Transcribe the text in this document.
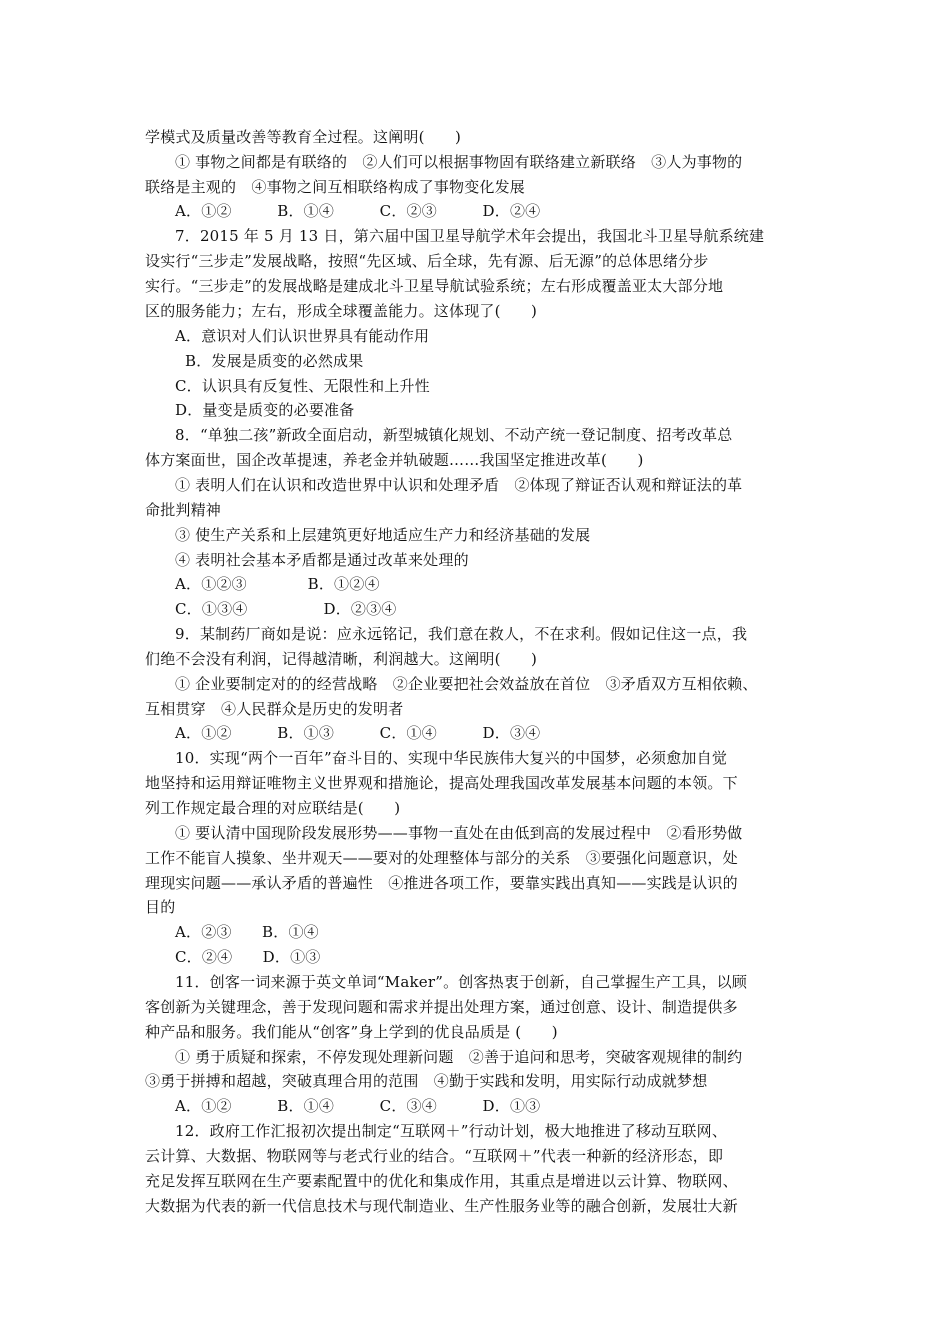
学模式及质量改善等教育全过程。这阐明(　　)
① 事物之间都是有联络的　②人们可以根据事物固有联络建立新联络　③人为事物的
联络是主观的　④事物之间互相联络构成了事物变化发展
A．①②　　　B．①④　　　C．②③　　　D．②④
7．2015 年 5 月 13 日，第六届中国卫星导航学术年会提出，我国北斗卫星导航系统建
设实行“三步走”发展战略，按照“先区域、后全球，先有源、后无源”的总体思绪分步
实行。“三步走”的发展战略是建成北斗卫星导航试验系统；左右形成覆盖亚太大部分地
区的服务能力；左右，形成全球覆盖能力。这体现了(　　)
A．意识对人们认识世界具有能动作用
B．发展是质变的必然成果
C．认识具有反复性、无限性和上升性
D．量变是质变的必要准备
8．“单独二孩”新政全面启动，新型城镇化规划、不动产统一登记制度、招考改革总
体方案面世，国企改革提速，养老金并轨破题……我国坚定推进改革(　　)
① 表明人们在认识和改造世界中认识和处理矛盾　②体现了辩证否认观和辩证法的革
命批判精神
③ 使生产关系和上层建筑更好地适应生产力和经济基础的发展
④ 表明社会基本矛盾都是通过改革来处理的
A．①②③　　　　B．①②④
C．①③④　　　　　D．②③④
9．某制药厂商如是说：应永远铭记，我们意在救人，不在求利。假如记住这一点，我
们绝不会没有利润，记得越清晰，利润越大。这阐明(　　)
① 企业要制定对的的经营战略　②企业要把社会效益放在首位　③矛盾双方互相依赖、
互相贯穿　④人民群众是历史的发明者
A．①②　　　B．①③　　　C．①④　　　D．③④
10．实现“两个一百年”奋斗目的、实现中华民族伟大复兴的中国梦，必须愈加自觉
地坚持和运用辩证唯物主义世界观和措施论，提高处理我国改革发展基本问题的本领。下
列工作规定最合理的对应联结是(　　)
① 要认清中国现阶段发展形势——事物一直处在由低到高的发展过程中　②看形势做
工作不能盲人摸象、坐井观天——要对的处理整体与部分的关系　③要强化问题意识，处
理现实问题——承认矛盾的普遍性　④推进各项工作，要靠实践出真知——实践是认识的
目的
A．②③　　B．①④
C．②④　　D．①③
11．创客一词来源于英文单词“Maker”。创客热衷于创新，自己掌握生产工具，以顾
客创新为关键理念，善于发现问题和需求并提出处理方案，通过创意、设计、制造提供多
种产品和服务。我们能从“创客”身上学到的优良品质是 (　　)
① 勇于质疑和探索，不停发现处理新问题　②善于追问和思考，突破客观规律的制约
③勇于拼搏和超越，突破真理合用的范围　④勤于实践和发明，用实际行动成就梦想
A．①②　　　B．①④　　　C．③④　　　D．①③
12．政府工作汇报初次提出制定“互联网＋”行动计划，极大地推进了移动互联网、
云计算、大数据、物联网等与老式行业的结合。“互联网＋”代表一种新的经济形态，即
充足发挥互联网在生产要素配置中的优化和集成作用，其重点是增进以云计算、物联网、
大数据为代表的新一代信息技术与现代制造业、生产性服务业等的融合创新，发展壮大新
